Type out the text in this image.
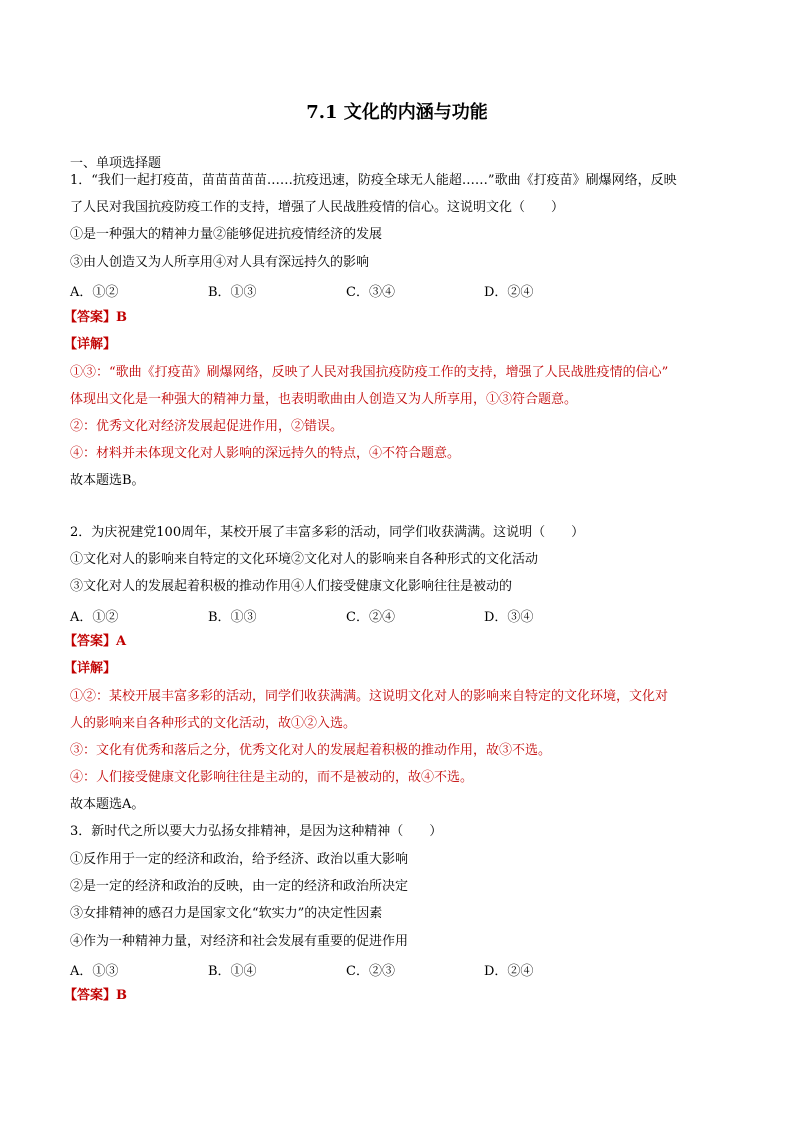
7.1 文化的内涵与功能
一、单项选择题
1．“我们一起打疫苗，苗苗苗苗苗……抗疫迅速，防疫全球无人能超……”歌曲《打疫苗》刷爆网络，反映
了人民对我国抗疫防疫工作的支持，增强了人民战胜疫情的信心。这说明文化（　　）
①是一种强大的精神力量②能够促进抗疫情经济的发展
③由人创造又为人所享用④对人具有深远持久的影响
A．①②	B．①③	C．③④	D．②④
【答案】B
【详解】
①③：“歌曲《打疫苗》刷爆网络，反映了人民对我国抗疫防疫工作的支持，增强了人民战胜疫情的信心”
体现出文化是一种强大的精神力量，也表明歌曲由人创造又为人所享用，①③符合题意。
②：优秀文化对经济发展起促进作用，②错误。
④：材料并未体现文化对人影响的深远持久的特点，④不符合题意。
故本题选B。
2．为庆祝建党100周年，某校开展了丰富多彩的活动，同学们收获满满。这说明（　　）
①文化对人的影响来自特定的文化环境②文化对人的影响来自各种形式的文化活动
③文化对人的发展起着积极的推动作用④人们接受健康文化影响往往是被动的
A．①②	B．①③	C．②④	D．③④
【答案】A
【详解】
①②：某校开展丰富多彩的活动，同学们收获满满。这说明文化对人的影响来自特定的文化环境，文化对
人的影响来自各种形式的文化活动，故①②入选。
③：文化有优秀和落后之分，优秀文化对人的发展起着积极的推动作用，故③不选。
④：人们接受健康文化影响往往是主动的，而不是被动的，故④不选。
故本题选A。
3．新时代之所以要大力弘扬女排精神，是因为这种精神（　　）
①反作用于一定的经济和政治，给予经济、政治以重大影响
②是一定的经济和政治的反映，由一定的经济和政治所决定
③女排精神的感召力是国家文化“软实力”的决定性因素
④作为一种精神力量，对经济和社会发展有重要的促进作用
A．①③	B．①④	C．②③	D．②④
【答案】B
